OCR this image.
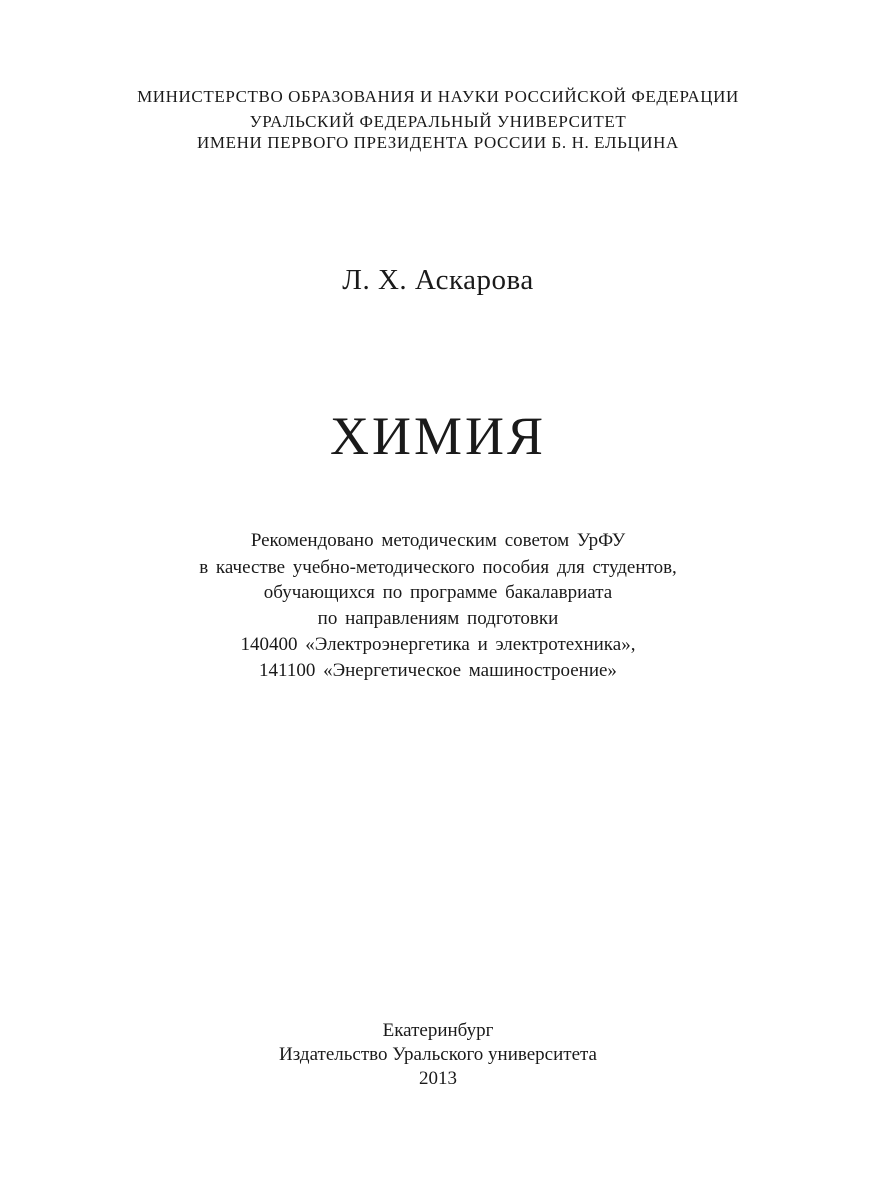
МИНИСТЕРСТВО ОБРАЗОВАНИЯ И НАУКИ РОССИЙСКОЙ ФЕДЕРАЦИИ
УРАЛЬСКИЙ ФЕДЕРАЛЬНЫЙ УНИВЕРСИТЕТ
ИМЕНИ ПЕРВОГО ПРЕЗИДЕНТА РОССИИ Б. Н. ЕЛЬЦИНА
Л. Х. Аскарова
ХИМИЯ
Рекомендовано методическим советом УрФУ
в качестве учебно-методического пособия для студентов,
обучающихся по программе бакалавриата
по направлениям подготовки
140400 «Электроэнергетика и электротехника»,
141100 «Энергетическое машиностроение»
Екатеринбург
Издательство Уральского университета
2013
